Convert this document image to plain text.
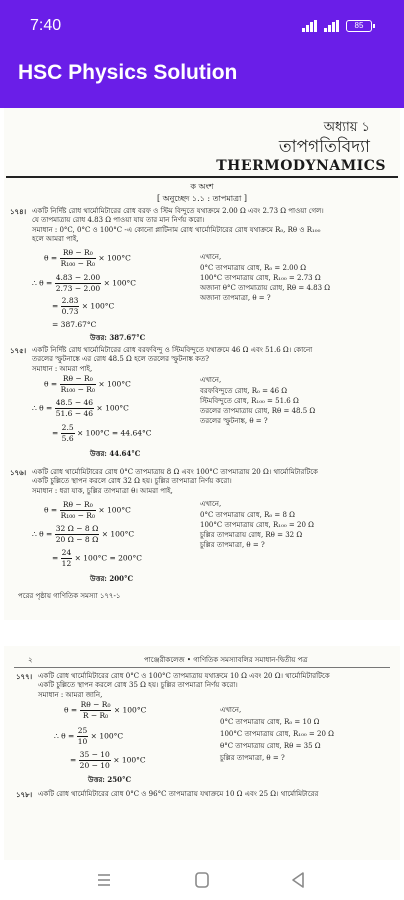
7:40	85
HSC Physics Solution
অধ্যায় ১
তাপগতিবিদ্যা
THERMODYNAMICS
ক অংশ
[ অনুচ্ছেদ ১.১ : তাপমাত্রা ]
১৭৪। একটি নির্দিষ্ট রোধ থার্মোমিটারের রোধ বরফ ও স্টিম বিন্দুতে যথাক্রমে 2.00 Ω এবং 2.73 Ω পাওয়া গেল।
যে তাপমাত্রায় রোধ 4.83 Ω পাওয়া যায় তার মান নির্ণয় করো।
সমাধান : 0°C, 0°C ও 100°C -এ কোনো প্লাটিনাম রোধ থার্মোমিটারের রোধ যথাক্রমে R₀, Rθ ও R₁₀₀
হলে আমরা পাই,
$\theta = \frac{\text{Rθ − R₀}}{\text{R₁₀₀ − R₀}} \times 100^\circ C$
∴ $\theta = \frac{4.83 - 2.00}{2.73 - 2.00} \times 100^\circ C$
= $\frac{2.83}{0.73} \times 100^\circ C$
= 387.67°C
উত্তর: 387.67°C
এখানে,
0°C তাপমাত্রায় রোধ, R₀ = 2.00 Ω
100°C তাপমাত্রায় রোধ, R₁₀₀ = 2.73 Ω
অজানা θ°C তাপমাত্রায় রোধ, Rθ = 4.83 Ω
অজানা তাপমাত্রা, θ = ?
১৭৫। একটি নির্দিষ্ট রোধ থার্মোমিটারের রোধ বরফবিন্দু ও স্টিমবিন্দুতে যথাক্রমে 46 Ω এবং 51.6 Ω। কোনো
তরলের স্ফুটনাঙ্কে এর রোধ 48.5 Ω হলে তরলের স্ফুটনাঙ্ক কত?
সমাধান : আমরা পাই,
$\theta = \frac{\text{Rθ − R₀}}{\text{R₁₀₀ − R₀}} \times 100^\circ C$
∴ $\theta = \frac{48.5 - 46}{51.6 - 46} \times 100^\circ C$
= $\frac{2.5}{5.6} \times 100^\circ C = 44.64^\circ C$
উত্তর: 44.64°C
এখানে,
বরফবিন্দুতে রোধ, R₀ = 46 Ω
স্টিমবিন্দুতে রোধ, R₁₀₀ = 51.6 Ω
তরলের তাপমাত্রায় রোধ, Rθ = 48.5 Ω
তরলের স্ফুটনাঙ্ক, θ = ?
১৭৬। একটি রোধ থার্মোমিটারের রোধ 0°C তাপমাত্রায় 8 Ω এবং 100°C তাপমাত্রায় 20 Ω। থার্মোমিটারটিকে
একটি চুল্লিতে স্থাপন করলে রোধ 32 Ω হয়। চুল্লির তাপমাত্রা নির্ণয় করো।
সমাধান : ধরা যাক, চুল্লির তাপমাত্রা θ। আমরা পাই,
$\theta = \frac{\text{Rθ − R₀}}{\text{R₁₀₀ − R₀}} \times 100^\circ C$
∴ $\theta = \frac{32 \Omega - 8 \Omega}{20 \Omega - 8 \Omega} \times 100^\circ C$
= $\frac{24}{12} \times 100^\circ C = 200^\circ C$
উত্তর: 200°C
এখানে,
0°C তাপমাত্রায় রোধ, R₀ = 8 Ω
100°C তাপমাত্রায় রোধ, R₁₀₀ = 20 Ω
চুল্লির তাপমাত্রায় রোধ, Rθ = 32 Ω
চুল্লির তাপমাত্রা, θ = ?
পরের পৃষ্ঠায় গাণিতিক সমস্যা ১৭৭-১
২	পাঞ্জেরীকলেজ • গাণিতিক সমস্যাবলির সমাধান-দ্বিতীয় পত্র
১৭৭। একটি রোধ থার্মোমিটারের রোধ 0°C ও 100°C তাপমাত্রায় যথাক্রমে 10 Ω এবং 20 Ω। থার্মোমিটারটিকে
একটি চুল্লিতে স্থাপন করলে রোধ 35 Ω হয়। চুল্লির তাপমাত্রা নির্ণয় করো।
সমাধান : আমরা জানি,
$\theta = \frac{\text{Rθ − R₀}}{\text{R − R₀}} \times 100^\circ C$
∴ $\theta = \frac{25}{10} \times 100^\circ C$
= $\frac{35 - 10}{20 - 10} \times 100^\circ C$
উত্তর: 250°C
এখানে,
0°C তাপমাত্রায় রোধ, R₀ = 10 Ω
100°C তাপমাত্রায় রোধ, R₁₀₀ = 20 Ω
θ°C তাপমাত্রায় রোধ, Rθ = 35 Ω
চুল্লির তাপমাত্রা, θ = ?
১৭৮। একটি রোধ থার্মোমিটারের রোধ 0°C ও 96°C তাপমাত্রায় যথাক্রমে 10 Ω এবং 25 Ω। থার্মোমিটারের
